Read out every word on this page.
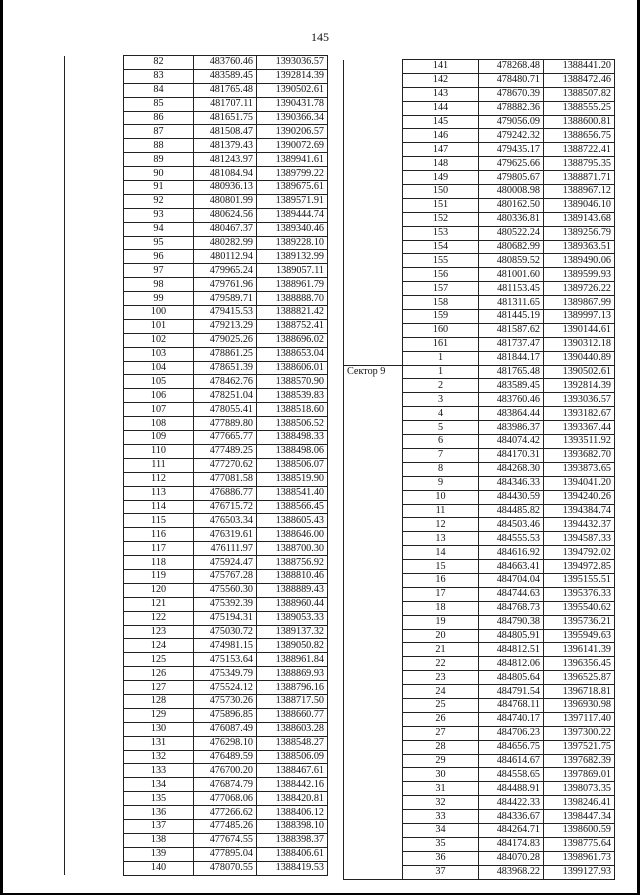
145
	82	483760.46	1393036.57
	83	483589.45	1392814.39
	84	481765.48	1390502.61
	85	481707.11	1390431.78
	86	481651.75	1390366.34
	87	481508.47	1390206.57
	88	481379.43	1390072.69
	89	481243.97	1389941.61
	90	481084.94	1389799.22
	91	480936.13	1389675.61
	92	480801.99	1389571.91
	93	480624.56	1389444.74
	94	480467.37	1389340.46
	95	480282.99	1389228.10
	96	480112.94	1389132.99
	97	479965.24	1389057.11
	98	479761.96	1388961.79
	99	479589.71	1388888.70
	100	479415.53	1388821.42
	101	479213.29	1388752.41
	102	479025.26	1388696.02
	103	478861.25	1388653.04
	104	478651.39	1388606.01
	105	478462.76	1388570.90
	106	478251.04	1388539.83
	107	478055.41	1388518.60
	108	477889.80	1388506.52
	109	477665.77	1388498.33
	110	477489.25	1388498.06
	111	477270.62	1388506.07
	112	477081.58	1388519.90
	113	476886.77	1388541.40
	114	476715.72	1388566.45
	115	476503.34	1388605.43
	116	476319.61	1388646.00
	117	476111.97	1388700.30
	118	475924.47	1388756.92
	119	475767.28	1388810.46
	120	475560.30	1388889.43
	121	475392.39	1388960.44
	122	475194.31	1389053.33
	123	475030.72	1389137.32
	124	474981.15	1389050.82
	125	475153.64	1388961.84
	126	475349.79	1388869.93
	127	475524.12	1388796.16
	128	475730.26	1388717.50
	129	475896.85	1388660.77
	130	476087.49	1388603.28
	131	476298.10	1388548.27
	132	476489.59	1388506.09
	133	476700.20	1388467.61
	134	476874.79	1388442.16
	135	477068.06	1388420.81
	136	477266.62	1388406.12
	137	477485.26	1388398.10
	138	477674.55	1388398.37
	139	477895.04	1388406.61
	140	478070.55	1388419.53
	141	478268.48	1388441.20
	142	478480.71	1388472.46
	143	478670.39	1388507.82
	144	478882.36	1388555.25
	145	479056.09	1388600.81
	146	479242.32	1388656.75
	147	479435.17	1388722.41
	148	479625.66	1388795.35
	149	479805.67	1388871.71
	150	480008.98	1388967.12
	151	480162.50	1389046.10
	152	480336.81	1389143.68
	153	480522.24	1389256.79
	154	480682.99	1389363.51
	155	480859.52	1389490.06
	156	481001.60	1389599.93
	157	481153.45	1389726.22
	158	481311.65	1389867.99
	159	481445.19	1389997.13
	160	481587.62	1390144.61
	161	481737.47	1390312.18
	1	481844.17	1390440.89
Сектор 9	1	481765.48	1390502.61
	2	483589.45	1392814.39
	3	483760.46	1393036.57
	4	483864.44	1393182.67
	5	483986.37	1393367.44
	6	484074.42	1393511.92
	7	484170.31	1393682.70
	8	484268.30	1393873.65
	9	484346.33	1394041.20
	10	484430.59	1394240.26
	11	484485.82	1394384.74
	12	484503.46	1394432.37
	13	484555.53	1394587.33
	14	484616.92	1394792.02
	15	484663.41	1394972.85
	16	484704.04	1395155.51
	17	484744.63	1395376.33
	18	484768.73	1395540.62
	19	484790.38	1395736.21
	20	484805.91	1395949.63
	21	484812.51	1396141.39
	22	484812.06	1396356.45
	23	484805.64	1396525.87
	24	484791.54	1396718.81
	25	484768.11	1396930.98
	26	484740.17	1397117.40
	27	484706.23	1397300.22
	28	484656.75	1397521.75
	29	484614.67	1397682.39
	30	484558.65	1397869.01
	31	484488.91	1398073.35
	32	484422.33	1398246.41
	33	484336.67	1398447.34
	34	484264.71	1398600.59
	35	484174.83	1398775.64
	36	484070.28	1398961.73
	37	483968.22	1399127.93
